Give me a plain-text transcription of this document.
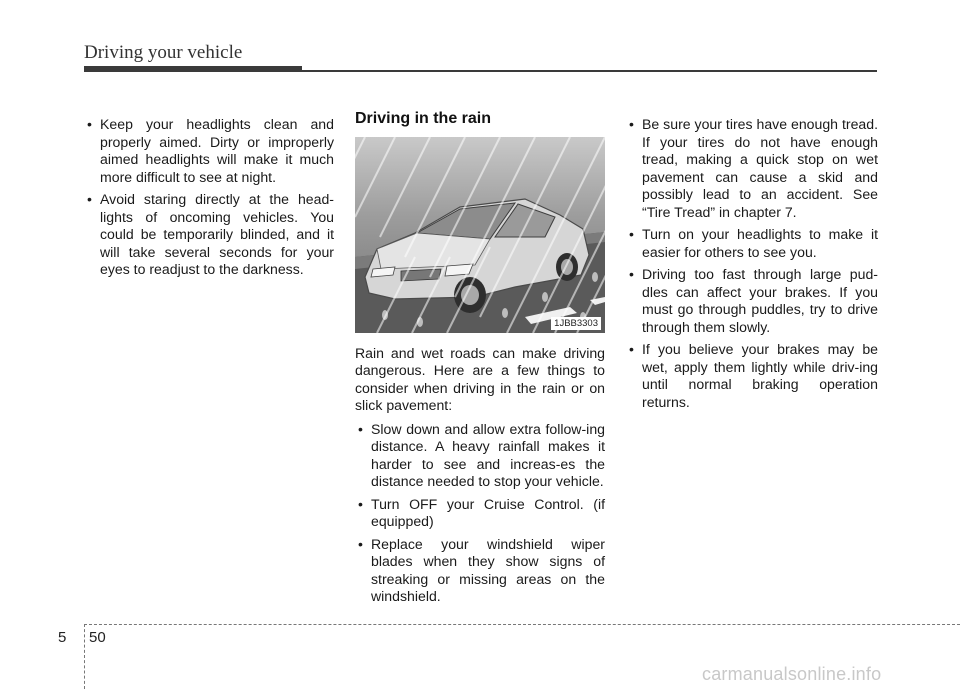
Driving your vehicle
• Keep your headlights clean and properly aimed. Dirty or improperly aimed headlights will make it much more difficult to see at night.
• Avoid staring directly at the head-lights of oncoming vehicles. You could be temporarily blinded, and it will take several seconds for your eyes to readjust to the darkness.
Driving in the rain
1JBB3303

Rain and wet roads can make driving dangerous. Here are a few things to consider when driving in the rain or on slick pavement:

• Slow down and allow extra follow-ing distance. A heavy rainfall makes it harder to see and increas-es the distance needed to stop your vehicle.
• Turn OFF your Cruise Control. (if equipped)
• Replace your windshield wiper blades when they show signs of streaking or missing areas on the windshield.
• Be sure your tires have enough tread. If your tires do not have enough tread, making a quick stop on wet pavement can cause a skid and possibly lead to an accident. See “Tire Tread” in chapter 7.
• Turn on your headlights to make it easier for others to see you.
• Driving too fast through large pud-dles can affect your brakes. If you must go through puddles, try to drive through them slowly.
• If you believe your brakes may be wet, apply them lightly while driv-ing until normal braking operation returns.
5 50
carmanualsonline.info
